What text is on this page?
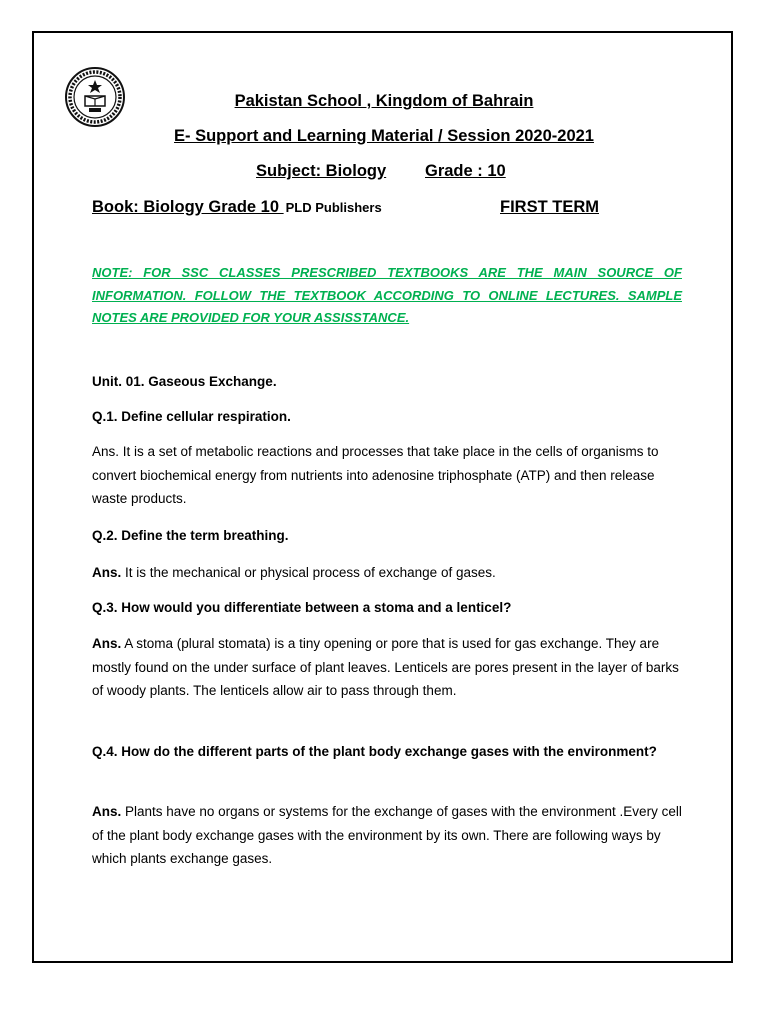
Pakistan School , Kingdom of Bahrain
E- Support and Learning Material / Session 2020-2021
Subject: Biology Grade : 10
Book: Biology Grade 10 PLD Publishers	FIRST TERM
NOTE: FOR SSC CLASSES PRESCRIBED TEXTBOOKS ARE THE MAIN SOURCE OF INFORMATION. FOLLOW THE TEXTBOOK ACCORDING TO ONLINE LECTURES. SAMPLE NOTES ARE PROVIDED FOR YOUR ASSISSTANCE.
Unit. 01. Gaseous Exchange.
Q.1. Define cellular respiration.
Ans. It is a set of metabolic reactions and processes that take place in the cells of organisms to convert biochemical energy from nutrients into adenosine triphosphate (ATP) and then release waste products.
Q.2. Define the term breathing.
Ans. It is the mechanical or physical process of exchange of gases.
Q.3. How would you differentiate between a stoma and a lenticel?
Ans. A stoma (plural stomata) is a tiny opening or pore that is used for gas exchange. They are mostly found on the under surface of plant leaves. Lenticels are pores present in the layer of barks of woody plants. The lenticels allow air to pass through them.
Q.4. How do the different parts of the plant body exchange gases with the environment?
Ans. Plants have no organs or systems for the exchange of gases with the environment .Every cell of the plant body exchange gases with the environment by its own. There are following ways by which plants exchange gases.
